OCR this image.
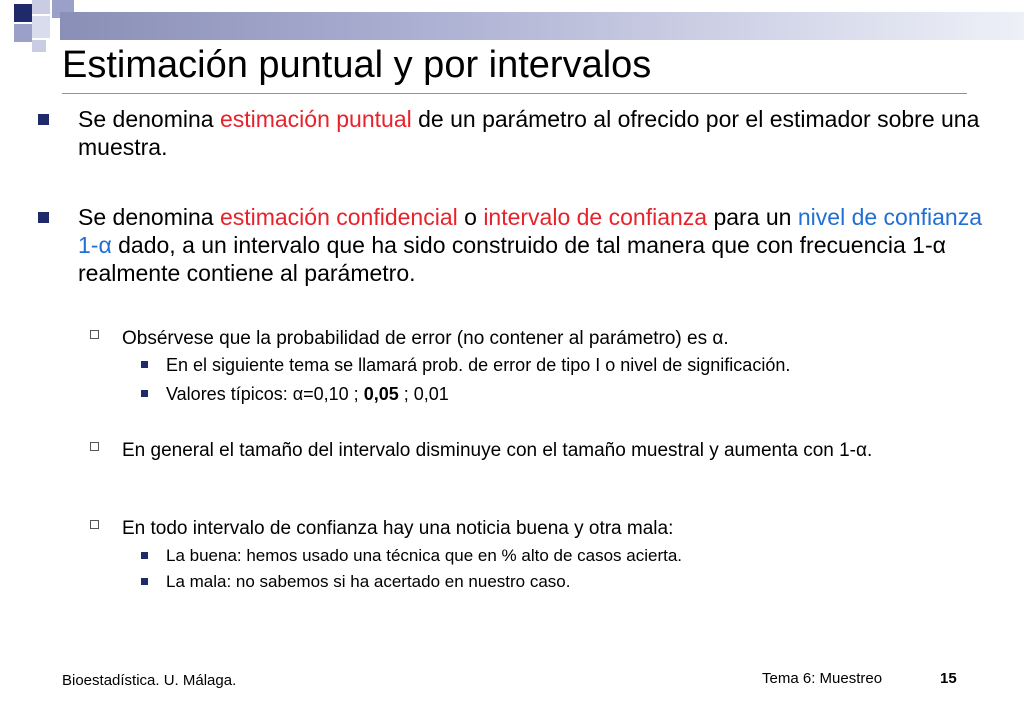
Estimación puntual y por intervalos

Se denomina estimación puntual de un parámetro al ofrecido por el estimador sobre una muestra.

Se denomina estimación confidencial o intervalo de confianza para un nivel de confianza 1-α dado, a un intervalo que ha sido construido de tal manera que con frecuencia 1-α realmente contiene al parámetro.

Obsérvese que la probabilidad de error (no contener al parámetro) es α.

En el siguiente tema se llamará prob. de error de tipo I o nivel de significación.

Valores típicos: α=0,10 ; 0,05 ; 0,01

En general el tamaño del intervalo disminuye con el tamaño muestral y aumenta con 1-α.

En todo intervalo de confianza hay una noticia buena y otra mala:

La buena: hemos usado una técnica que en % alto de casos acierta.

La mala: no sabemos si ha acertado en nuestro caso.

Bioestadística. U. Málaga.	Tema 6: Muestreo	15
